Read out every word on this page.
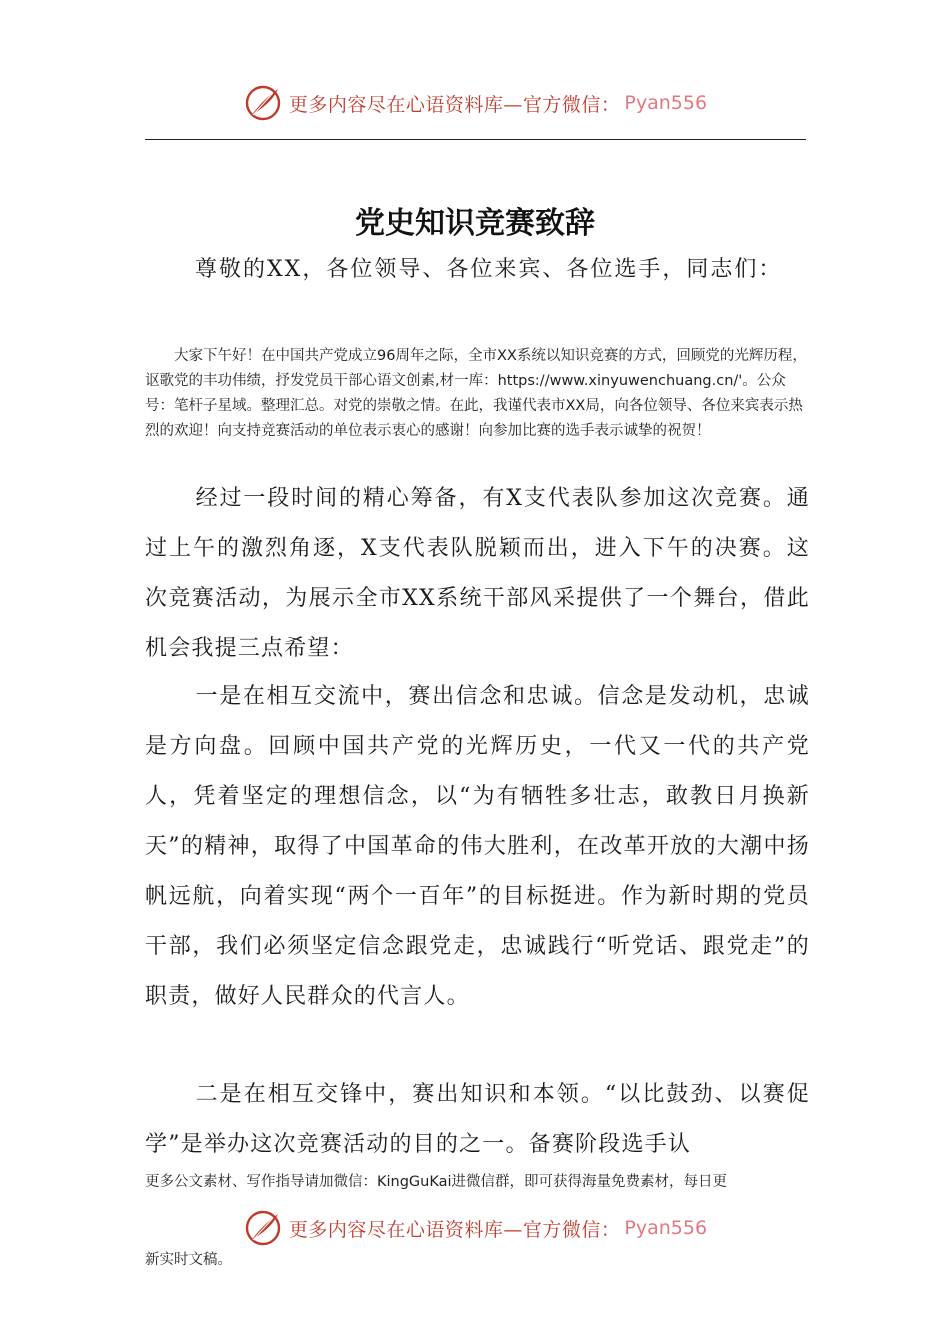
更多内容尽在心语资料库—官方微信： Pyan556
党史知识竞赛致辞
尊敬的XX，各位领导、各位来宾、各位选手，同志们：

大家下午好！在中国共产党成立96周年之际，全市XX系统以知识竞赛的方式，回顾党的光辉历程，讴歌党的丰功伟绩，抒发党员干部心语文创素,材一库：https://www.xinyuwenchuang.cn/'。公众号：笔杆子星域。整理汇总。对党的崇敬之情。在此，我谨代表市XX局，向各位领导、各位来宾表示热烈的欢迎！向支持竞赛活动的单位表示衷心的感谢！向参加比赛的选手表示诚挚的祝贺！

经过一段时间的精心筹备，有X支代表队参加这次竞赛。通过上午的激烈角逐，X支代表队脱颖而出，进入下午的决赛。这次竞赛活动，为展示全市XX系统干部风采提供了一个舞台，借此机会我提三点希望：

一是在相互交流中，赛出信念和忠诚。信念是发动机，忠诚是方向盘。回顾中国共产党的光辉历史，一代又一代的共产党人，凭着坚定的理想信念，以“为有牺牲多壮志，敢教日月换新天”的精神，取得了中国革命的伟大胜利，在改革开放的大潮中扬帆远航，向着实现“两个一百年”的目标挺进。作为新时期的党员干部，我们必须坚定信念跟党走，忠诚践行“听党话、跟党走”的职责，做好人民群众的代言人。

二是在相互交锋中，赛出知识和本领。“以比鼓劲、以赛促学”是举办这次竞赛活动的目的之一。备赛阶段选手认

更多公文素材、写作指导请加微信：KingGuKai进微信群，即可获得海量免费素材，每日更

更多内容尽在心语资料库—官方微信： Pyan556

新实时文稿。
